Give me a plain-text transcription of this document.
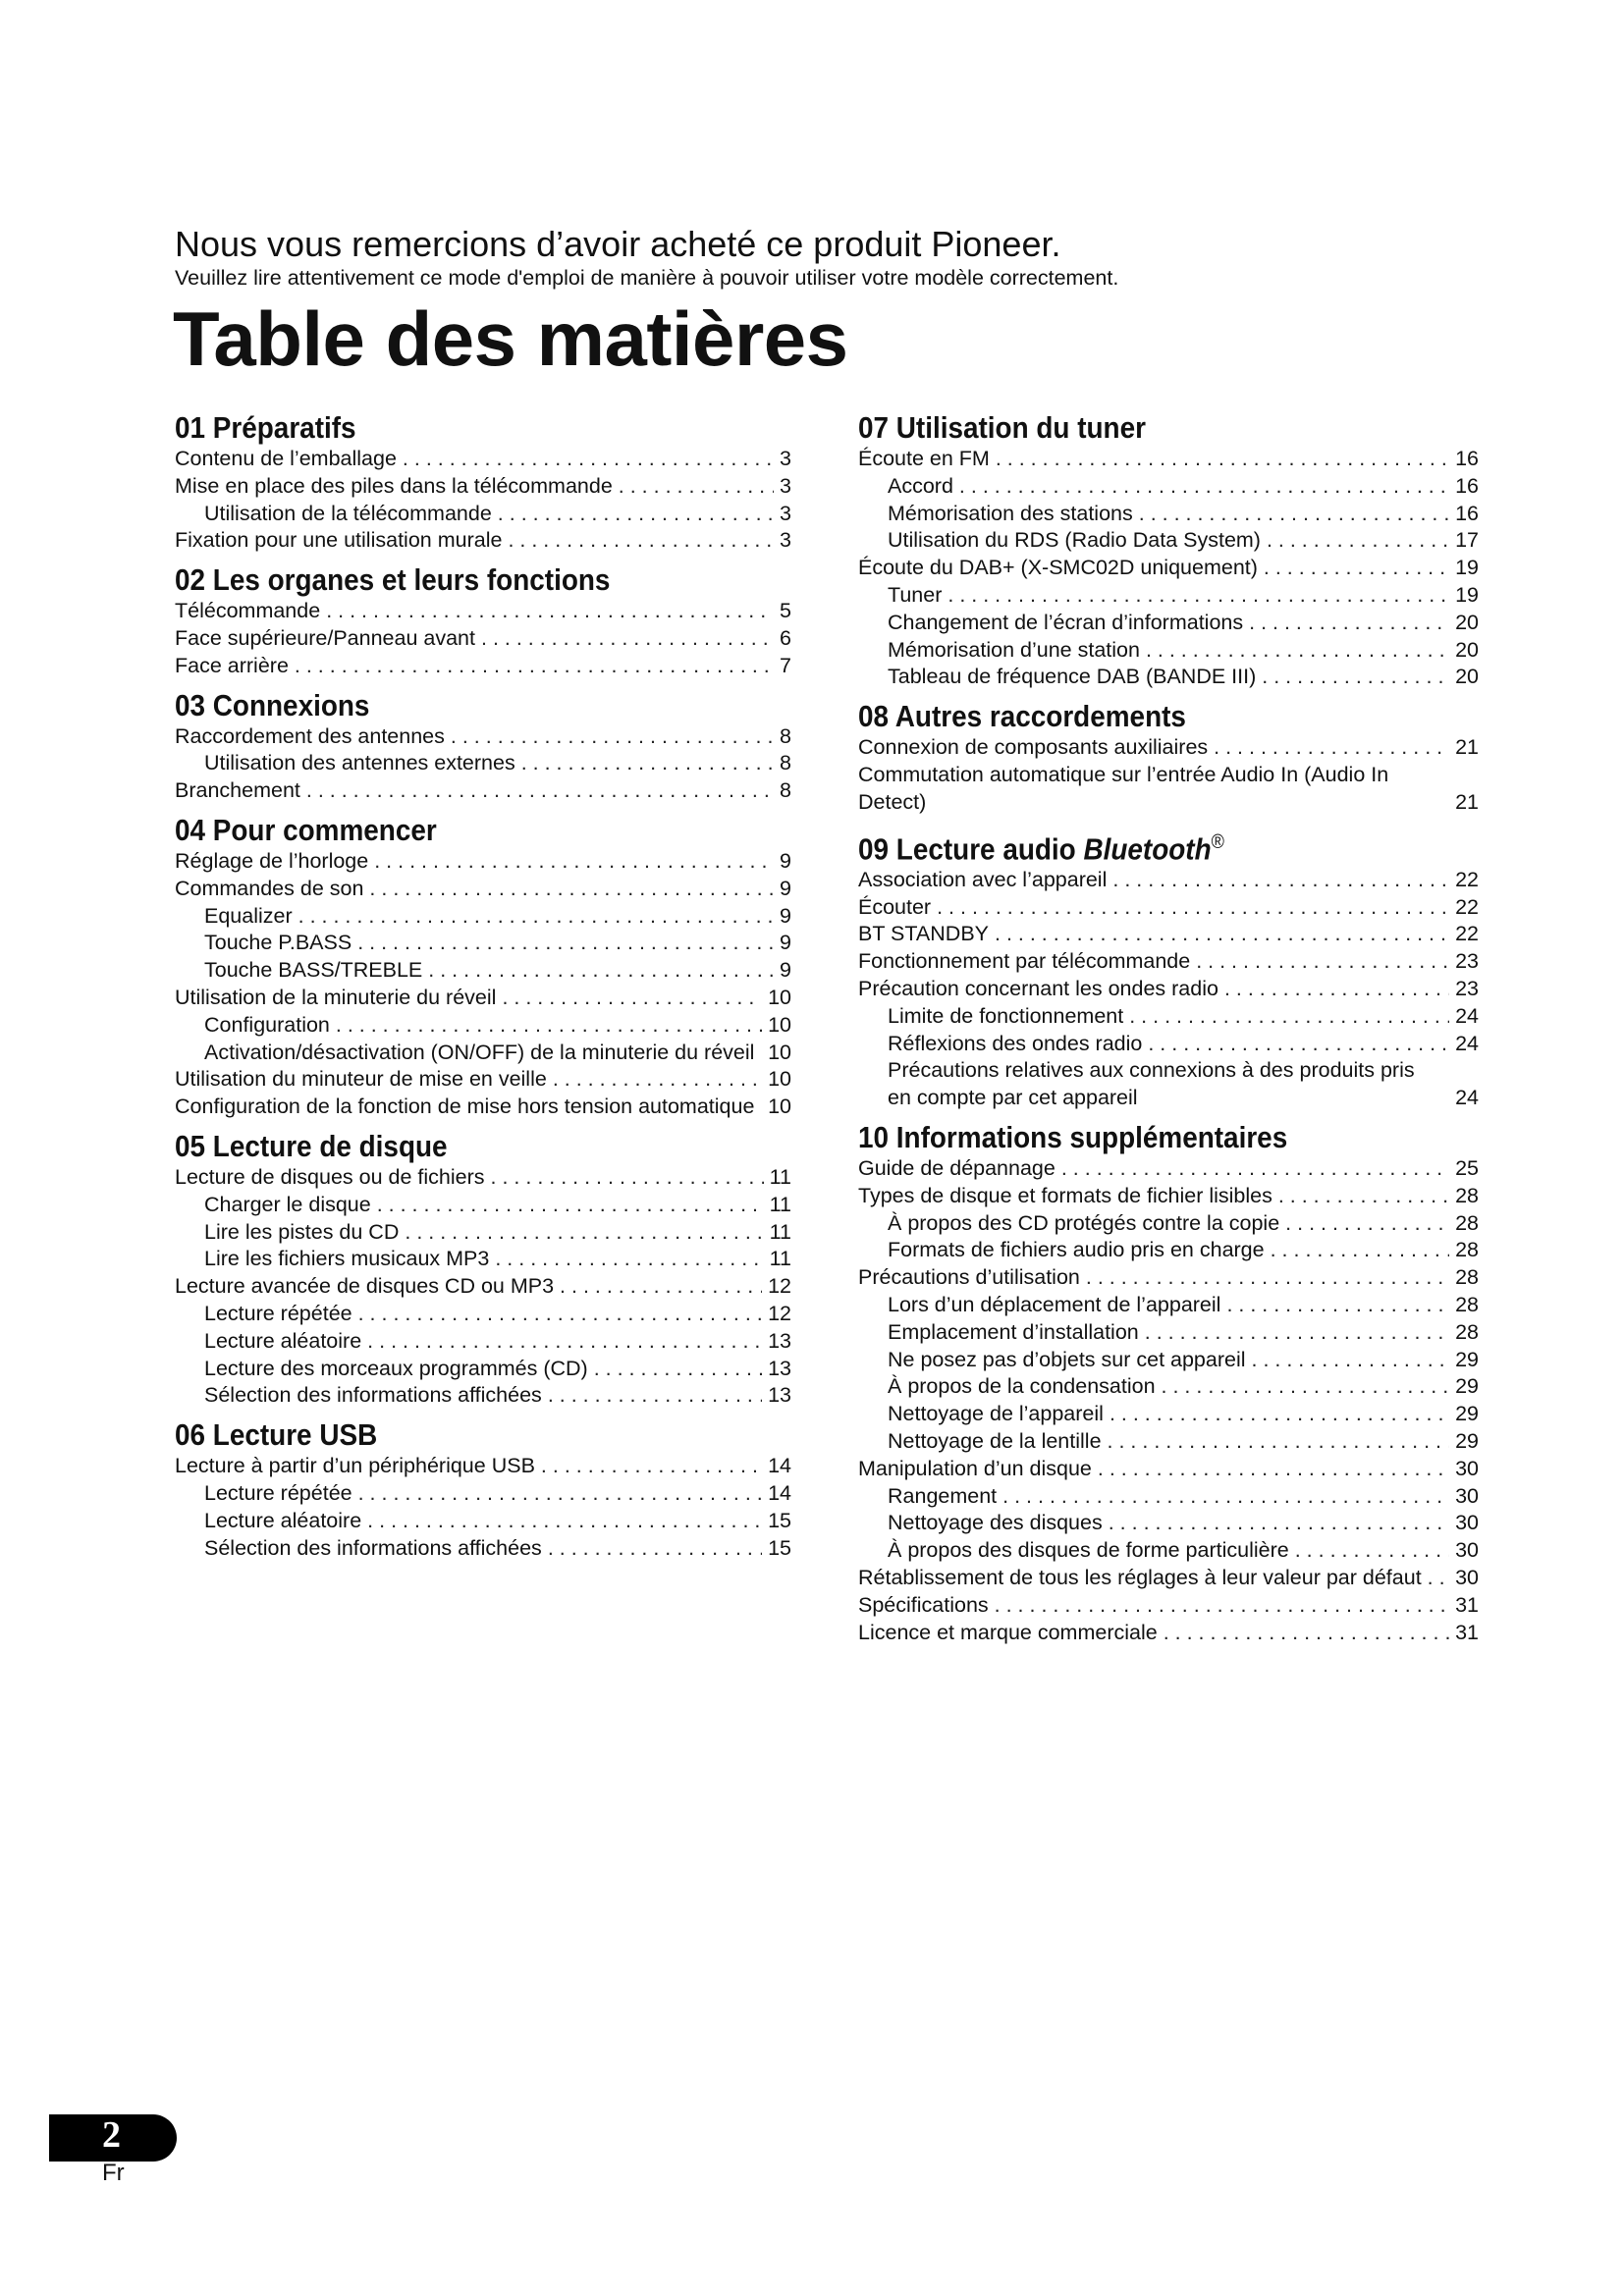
Nous vous remercions d’avoir acheté ce produit Pioneer.

Veuillez lire attentivement ce mode d'emploi de manière à pouvoir utiliser votre modèle correctement.

Table des matières
01 Préparatifs
Contenu de l’emballage . . .	3
Mise en place des piles dans la télécommande . . .	3
Utilisation de la télécommande . . .	3
Fixation pour une utilisation murale . . .	3
02 Les organes et leurs fonctions
Télécommande . . .	5
Face supérieure/Panneau avant . . .	6
Face arrière . . .	7
03 Connexions
Raccordement des antennes . . .	8
Utilisation des antennes externes . . .	8
Branchement . . .	8
04 Pour commencer
Réglage de l’horloge . . .	9
Commandes de son . . .	9
Equalizer . . .	9
Touche P.BASS . . .	9
Touche BASS/TREBLE . . .	9
Utilisation de la minuterie du réveil . . .	10
Configuration . . .	10
Activation/désactivation (ON/OFF) de la minuterie du réveil . . . 10
Utilisation du minuteur de mise en veille . . .	10
Configuration de la fonction de mise hors tension automatique . . . 10
05 Lecture de disque
Lecture de disques ou de fichiers . . .	11
Charger le disque . . .	11
Lire les pistes du CD . . .	11
Lire les fichiers musicaux MP3 . . .	11
Lecture avancée de disques CD ou MP3 . . .	12
Lecture répétée . . .	12
Lecture aléatoire . . .	13
Lecture des morceaux programmés (CD) . . .	13
Sélection des informations affichées . . .	13
06 Lecture USB
Lecture à partir d’un périphérique USB . . .	14
Lecture répétée . . .	14
Lecture aléatoire . . .	15
Sélection des informations affichées . . .	15
07 Utilisation du tuner
Écoute en FM . . .	16
Accord . . .	16
Mémorisation des stations . . .	16
Utilisation du RDS (Radio Data System) . . .	17
Écoute du DAB+ (X-SMC02D uniquement) . . .	19
Tuner . . .	19
Changement de l’écran d’informations . . .	20
Mémorisation d’une station . . .	20
Tableau de fréquence DAB (BANDE III) . . .	20
08 Autres raccordements
Connexion de composants auxiliaires . . .	21
Commutation automatique sur l’entrée Audio In (Audio In Detect)	21
09 Lecture audio Bluetooth®
Association avec l’appareil . . .	22
Écouter . . .	22
BT STANDBY . . .	22
Fonctionnement par télécommande . . .	23
Précaution concernant les ondes radio . . .	23
Limite de fonctionnement . . .	24
Réflexions des ondes radio . . .	24
Précautions relatives aux connexions à des produits pris en compte par cet appareil	24
10 Informations supplémentaires
Guide de dépannage . . .	25
Types de disque et formats de fichier lisibles . . .	28
À propos des CD protégés contre la copie . . .	28
Formats de fichiers audio pris en charge . . .	28
Précautions d’utilisation . . .	28
Lors d’un déplacement de l’appareil . . .	28
Emplacement d’installation . . .	28
Ne posez pas d’objets sur cet appareil . . .	29
À propos de la condensation . . .	29
Nettoyage de l’appareil . . .	29
Nettoyage de la lentille . . .	29
Manipulation d’un disque . . .	30
Rangement . . .	30
Nettoyage des disques . . .	30
À propos des disques de forme particulière . . .	30
Rétablissement de tous les réglages à leur valeur par défaut . . . 30
Spécifications . . .	31
Licence et marque commerciale . . .	31
2
Fr
